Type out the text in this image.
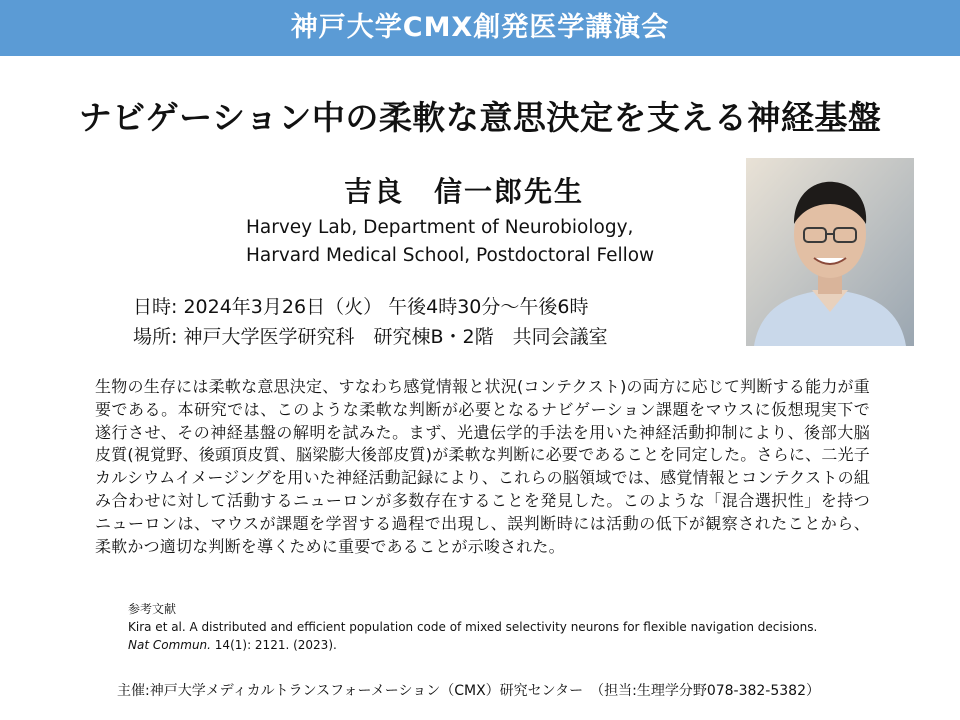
神戸大学CMX創発医学講演会
ナビゲーション中の柔軟な意思決定を支える神経基盤
吉良　信一郎先生
Harvey Lab, Department of Neurobiology,
Harvard Medical School, Postdoctoral Fellow
日時: 2024年3月26日（火） 午後4時30分～午後6時
場所: 神戸大学医学研究科　研究棟B・2階　共同会議室
生物の生存には柔軟な意思決定、すなわち感覚情報と状況(コンテクスト)の両方に応じて判断する能力が重要である。本研究では、このような柔軟な判断が必要となるナビゲーション課題をマウスに仮想現実下で遂行させ、その神経基盤の解明を試みた。まず、光遺伝学的手法を用いた神経活動抑制により、後部大脳皮質(視覚野、後頭頂皮質、脳梁膨大後部皮質)が柔軟な判断に必要であることを同定した。さらに、二光子カルシウムイメージングを用いた神経活動記録により、これらの脳領域では、感覚情報とコンテクストの組み合わせに対して活動するニューロンが多数存在することを発見した。このような「混合選択性」を持つニューロンは、マウスが課題を学習する過程で出現し、誤判断時には活動の低下が観察されたことから、柔軟かつ適切な判断を導くために重要であることが示唆された。
参考文献
Kira et al. A distributed and efficient population code of mixed selectivity neurons for flexible navigation decisions.
Nat Commun. 14(1): 2121. (2023).
主催:神戸大学メディカルトランスフォーメーション（CMX）研究センター　（担当:生理学分野078-382-5382）
